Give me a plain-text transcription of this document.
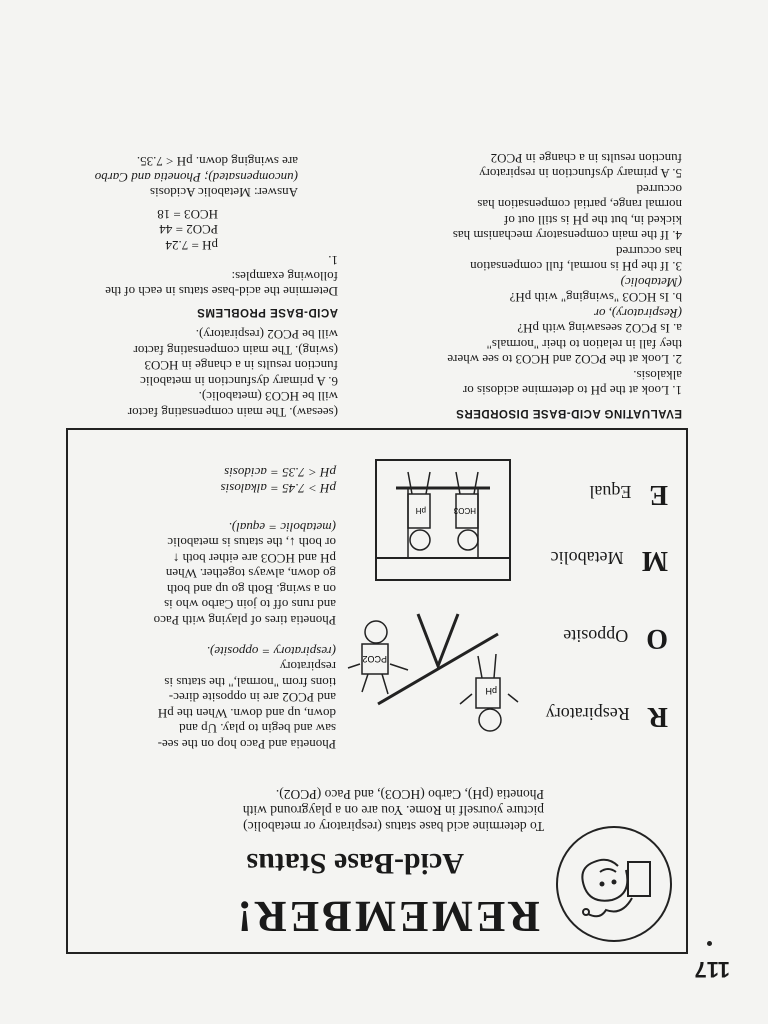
117
REMEMBER!
Acid-Base Status
To determine acid base status (respiratory or metabolic)
picture yourself in Rome. You are on a playground with
Phonetia (pH), Carbo (HCO3), and Paco (PCO2).
R Respiratory
O Opposite
M Metabolic
E Equal
pH
PCO2
HCO3
pH
Phonetia and Paco hop on the see-
saw and begin to play. Up and
down, up and down. When the pH
and PCO2 are in opposite direc-
tions from "normal," the status is
respiratory
(respiratory = opposite).
Phonetia tires of playing with Paco
and runs off to join Carbo who is
on a swing. Both go up and both
go down, always together. When
pH and HCO3 are either both ↑
or both ↓, the status is metabolic
(metabolic = equal).
pH > 7.45 = alkalosis
pH < 7.35 = acidosis
EVALUATING ACID-BASE DISORDERS
1. Look at the pH to determine acidosis or
alkalosis.
2. Look at the PCO2 and HCO3 to see where
they fall in relation to their "normals"
a. Is PCO2 seesawing with pH?
(Respiratory), or
b. Is HCO3 "swinging" with pH?
(Metabolic)
3. If the pH is normal, full compensation
has occurred
4. If the main compensatory mechanism has
kicked in, but the pH is still out of
normal range, partial compensation has
occurred
5. A primary dysfunction in respiratory
function results in a change in PCO2
(seesaw). The main compensating factor
will be HCO3 (metabolic).
6. A primary dysfunction in metabolic
function results in a change in HCO3
(swing). The main compensating factor
will be PCO2 (respiratory).
ACID-BASE PROBLEMS
Determine the acid-base status in each of the
following examples:
1.
pH = 7.24
PCO2 = 44
HCO3 = 18
Answer: Metabolic Acidosis
(uncompensated); Phonetia and Carbo
are swinging down. pH < 7.35.
